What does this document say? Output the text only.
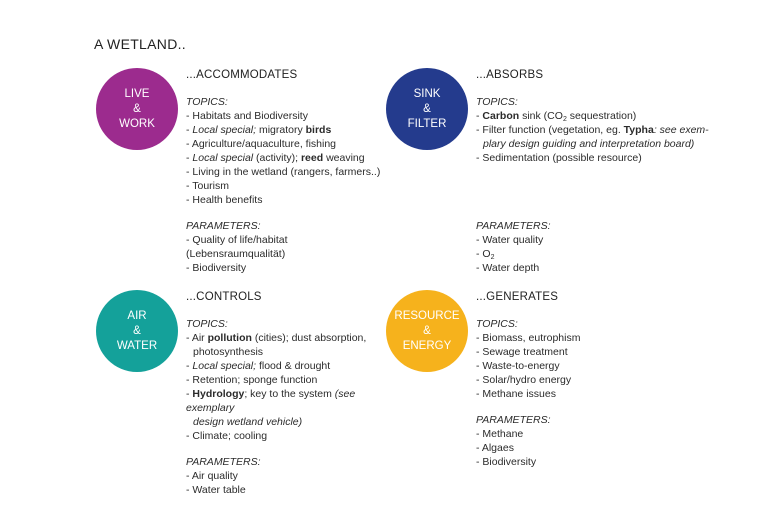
A WETLAND..
LIVE
&
WORK
...ACCOMMODATES
TOPICS:
- Habitats and Biodiversity
- Local special; migratory birds
- Agriculture/aquaculture, fishing
- Local special (activity); reed weaving
- Living in the wetland (rangers, farmers..)
- Tourism
- Health benefits
PARAMETERS:
- Quality of life/habitat (Lebensraumqualität)
- Biodiversity
SINK
&
FILTER
...ABSORBS
TOPICS:
- Carbon sink ($CO_2$ sequestration)
- Filter function (vegetation, eg. Typha: see exem-
plary design guiding and interpretation board)
- Sedimentation (possible resource)
PARAMETERS:
- Water quality
- $O_2$
- Water depth
AIR
&
WATER
...CONTROLS
TOPICS:
- Air pollution (cities); dust absorption,
photosynthesis
- Local special; flood & drought
- Retention; sponge function
- Hydrology; key to the system (see exemplary
design wetland vehicle)
- Climate; cooling
PARAMETERS:
- Air quality
- Water table
RESOURCE
&
ENERGY
...GENERATES
TOPICS:
- Biomass, eutrophism
- Sewage treatment
- Waste-to-energy
- Solar/hydro energy
- Methane issues
PARAMETERS:
- Methane
- Algaes
- Biodiversity
